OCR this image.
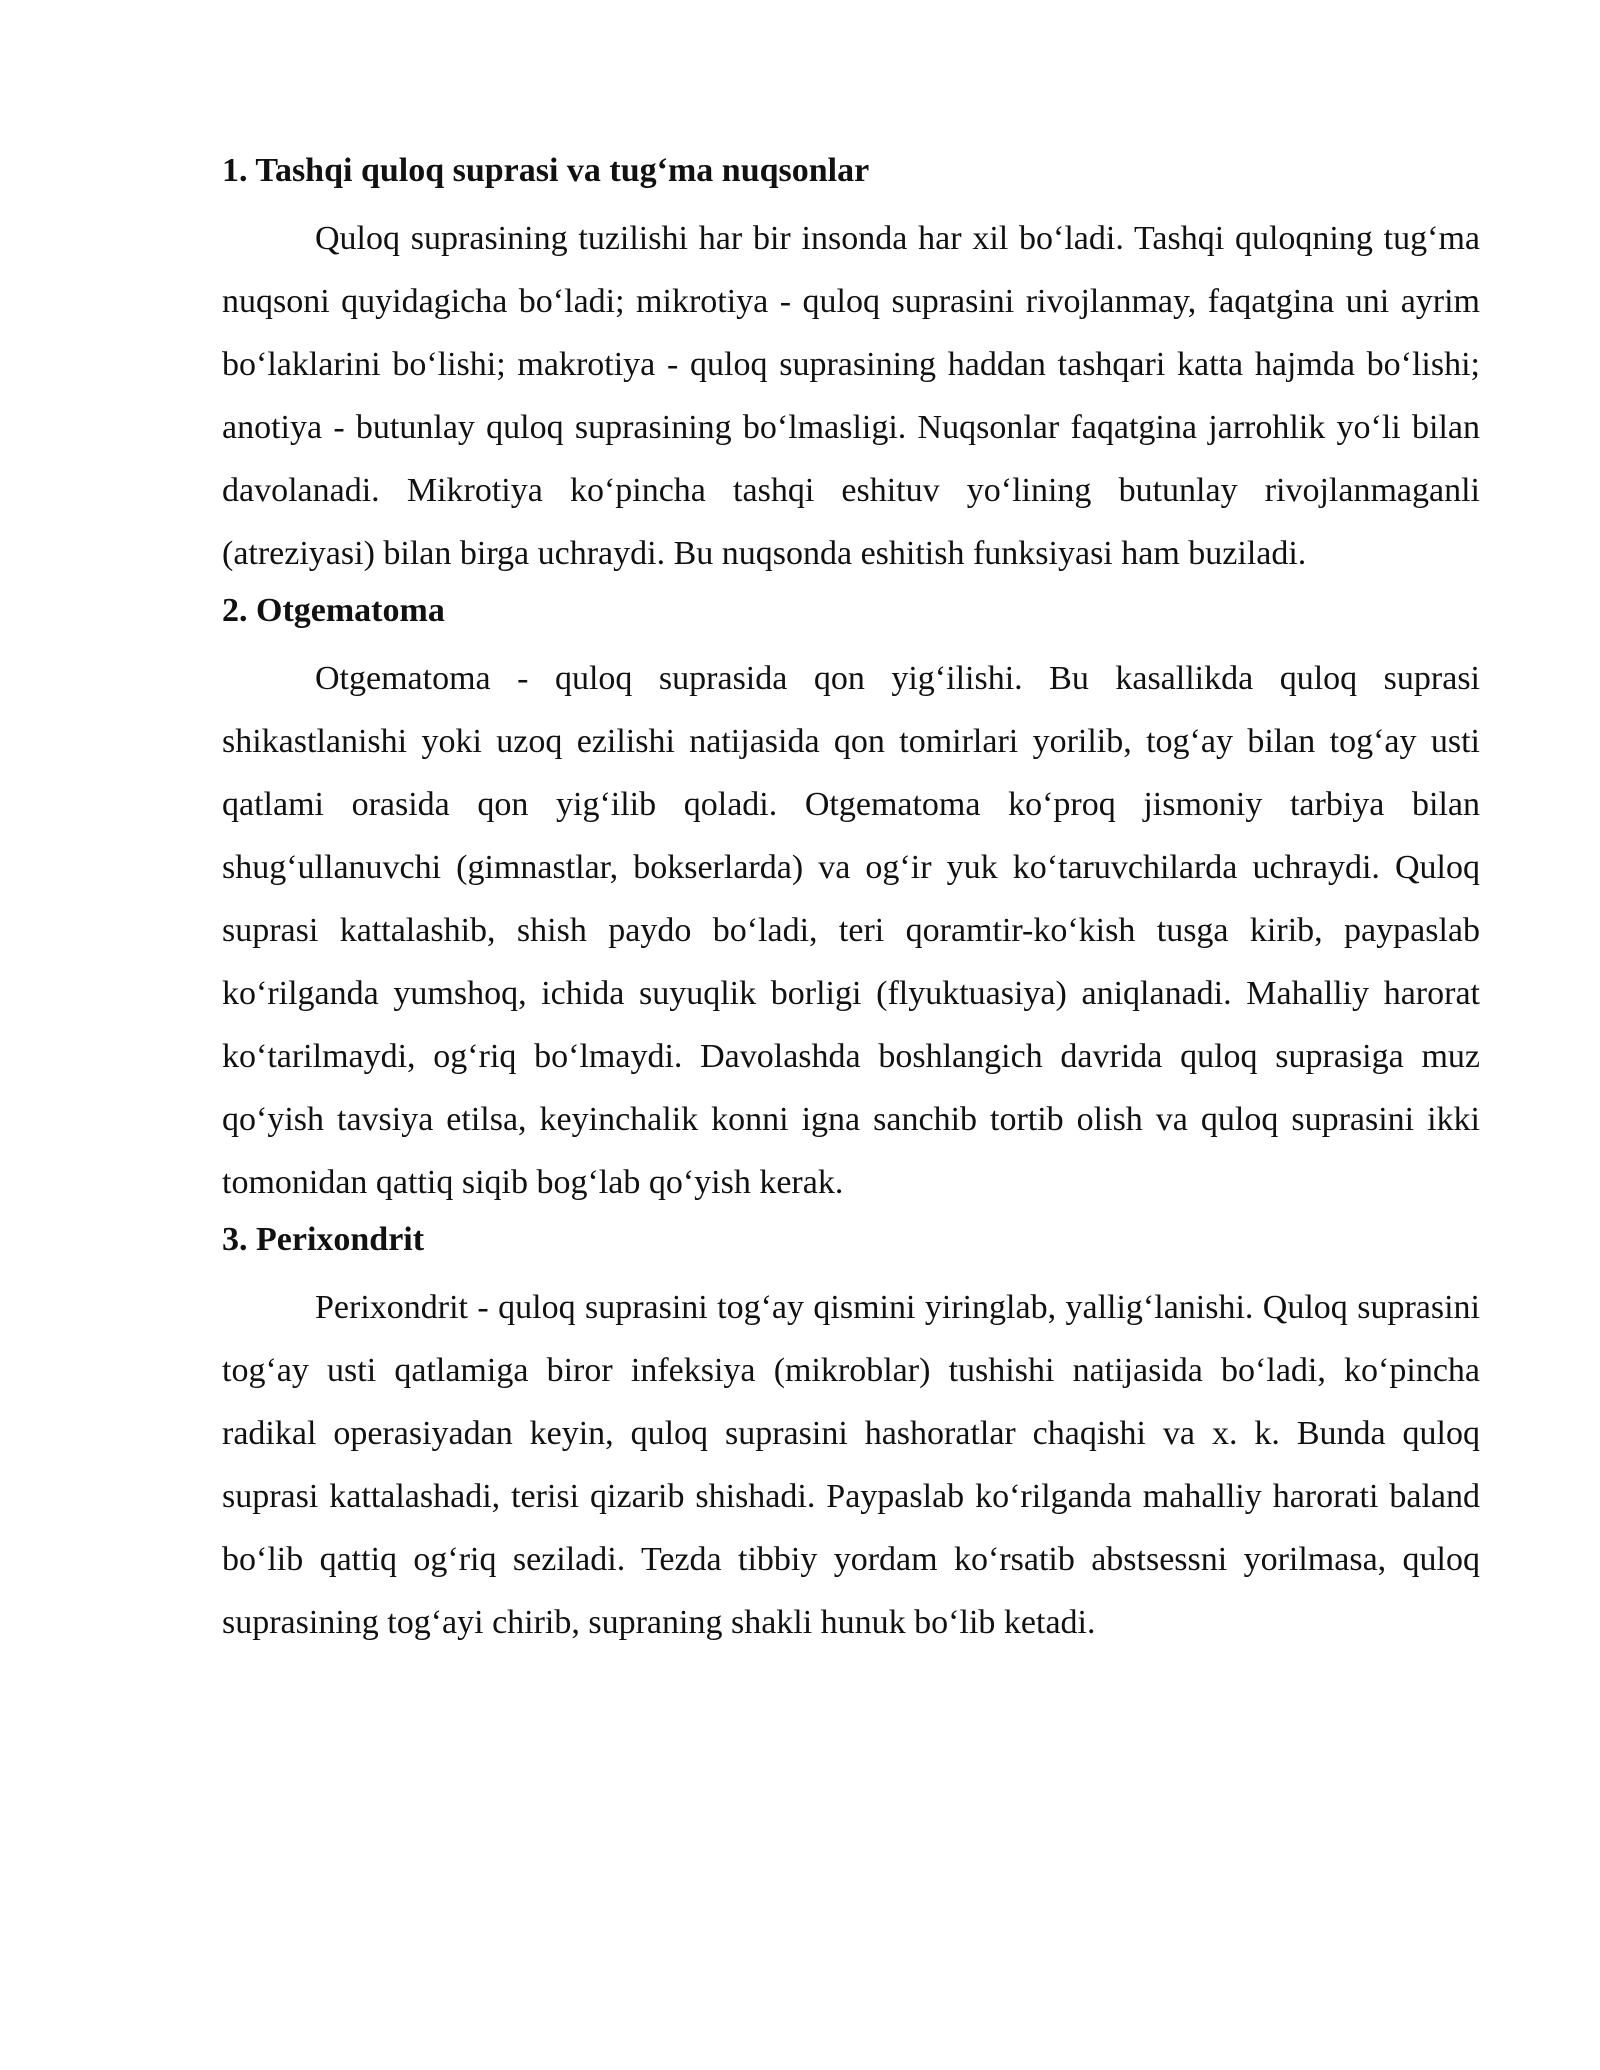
1. Tashqi quloq suprasi va tug‘ma nuqsonlar

Quloq suprasining tuzilishi har bir insonda har xil bo‘ladi. Tashqi quloqning tug‘ma nuqsoni quyidagicha bo‘ladi; mikrotiya - quloq suprasini rivojlanmay, faqatgina uni ayrim bo‘laklarini bo‘lishi; makrotiya - quloq suprasining haddan tashqari katta hajmda bo‘lishi; anotiya - butunlay quloq suprasining bo‘lmasligi. Nuqsonlar faqatgina jarrohlik yo‘li bilan davolanadi. Mikrotiya ko‘pincha tashqi eshituv yo‘lining butunlay rivojlanmaganli (atreziyasi) bilan birga uchraydi. Bu nuqsonda eshitish funksiyasi ham buziladi.

2. Otgematoma

Otgematoma - quloq suprasida qon yig‘ilishi. Bu kasallikda quloq suprasi shikastlanishi yoki uzoq ezilishi natijasida qon tomirlari yorilib, tog‘ay bilan tog‘ay usti qatlami orasida qon yig‘ilib qoladi. Otgematoma ko‘proq jismoniy tarbiya bilan shug‘ullanuvchi (gimnastlar, bokserlarda) va og‘ir yuk ko‘taruvchilarda uchraydi. Quloq suprasi kattalashib, shish paydo bo‘ladi, teri qoramtir-ko‘kish tusga kirib, paypaslab ko‘rilganda yumshoq, ichida suyuqlik borligi (flyuktuasiya) aniqlanadi. Mahalliy harorat ko‘tarilmaydi, og‘riq bo‘lmaydi. Davolashda boshlangich davrida quloq suprasiga muz qo‘yish tavsiya etilsa, keyinchalik konni igna sanchib tortib olish va quloq suprasini ikki tomonidan qattiq siqib bog‘lab qo‘yish kerak.

3. Perixondrit

Perixondrit - quloq suprasini tog‘ay qismini yiringlab, yallig‘lanishi. Quloq suprasini tog‘ay usti qatlamiga biror infeksiya (mikroblar) tushishi natijasida bo‘ladi, ko‘pincha radikal operasiyadan keyin, quloq suprasini hashoratlar chaqishi va x. k. Bunda quloq suprasi kattalashadi, terisi qizarib shishadi. Paypaslab ko‘rilganda mahalliy harorati baland bo‘lib qattiq og‘riq seziladi. Tezda tibbiy yordam ko‘rsatib abstsessni yorilmasa, quloq suprasining tog‘ayi chirib, supraning shakli hunuk bo‘lib ketadi.
